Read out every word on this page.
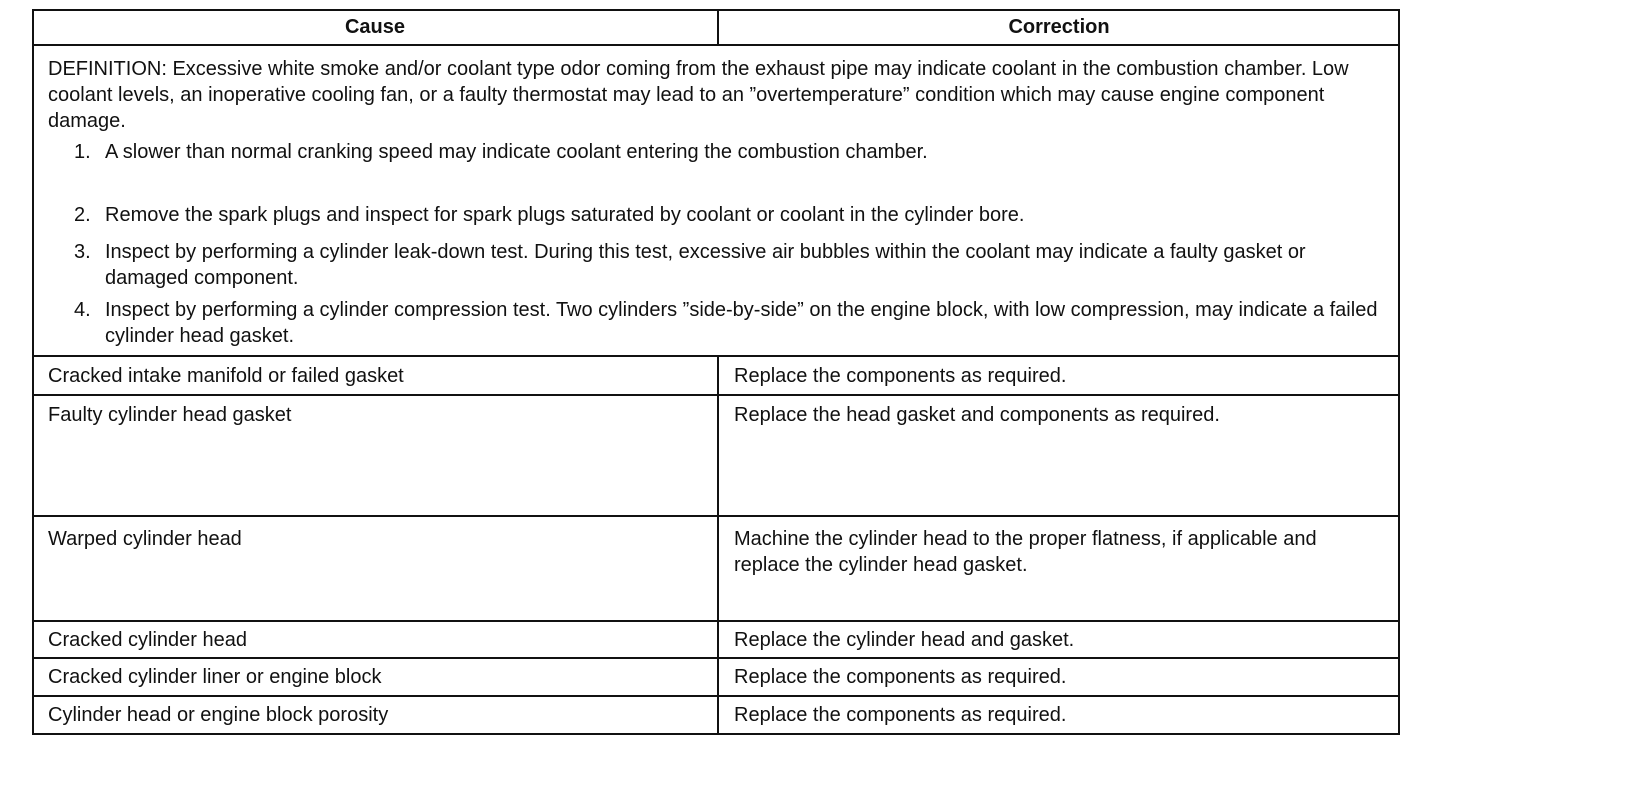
Cause	Correction
DEFINITION: Excessive white smoke and/or coolant type odor coming from the exhaust pipe may indicate coolant in the combustion chamber. Low coolant levels, an inoperative cooling fan, or a faulty thermostat may lead to an ”overtemperature” condition which may cause engine component damage.
1. A slower than normal cranking speed may indicate coolant entering the combustion chamber.
2. Remove the spark plugs and inspect for spark plugs saturated by coolant or coolant in the cylinder bore.
3. Inspect by performing a cylinder leak-down test. During this test, excessive air bubbles within the coolant may indicate a faulty gasket or damaged component.
4. Inspect by performing a cylinder compression test. Two cylinders ”side-by-side” on the engine block, with low compression, may indicate a failed cylinder head gasket.
Cracked intake manifold or failed gasket	Replace the components as required.
Faulty cylinder head gasket	Replace the head gasket and components as required.
Warped cylinder head	Machine the cylinder head to the proper flatness, if applicable and replace the cylinder head gasket.
Cracked cylinder head	Replace the cylinder head and gasket.
Cracked cylinder liner or engine block	Replace the components as required.
Cylinder head or engine block porosity	Replace the components as required.
